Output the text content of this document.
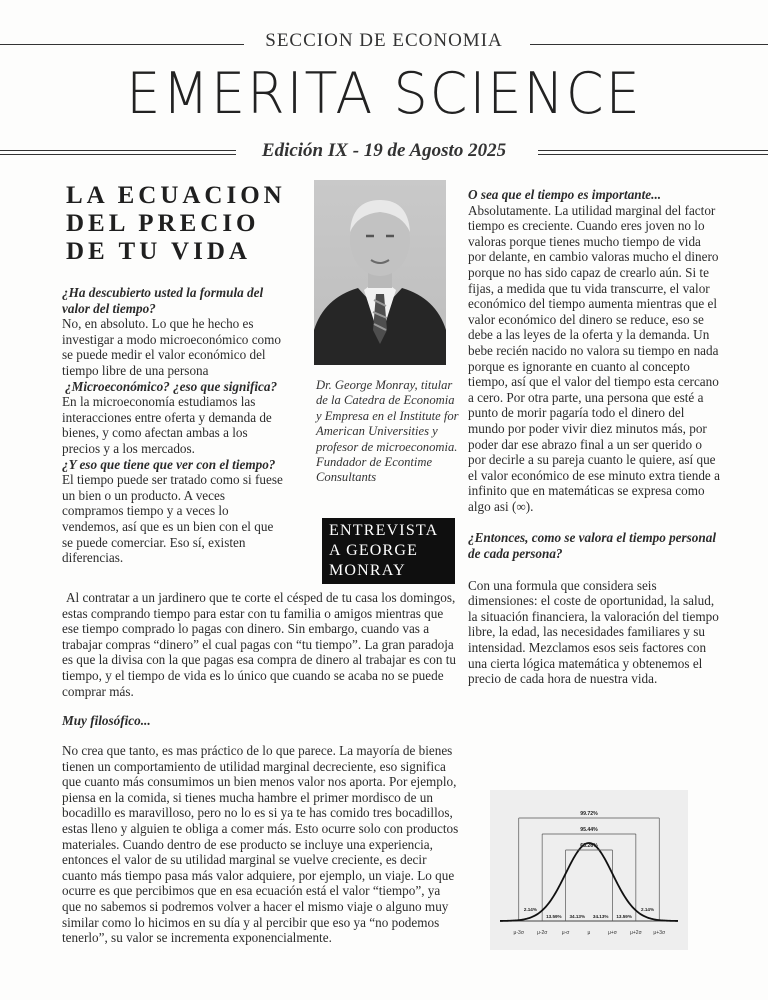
SECCION DE ECONOMIA
EMERITA SCIENCE
Edición IX - 19 de Agosto 2025
LA ECUACION
DEL PRECIO
DE TU VIDA
¿Ha descubierto usted la formula del valor del tiempo?
No, en absoluto. Lo que he hecho es investigar a modo microeconómico como se puede medir el valor económico del tiempo libre de una persona
¿Microeconómico? ¿eso que significa?
En la microeconomía estudiamos las interacciones entre oferta y demanda de bienes, y como afectan ambas a los precios y a los mercados.
¿Y eso que tiene que ver con el tiempo?
El tiempo puede ser tratado como si fuese un bien o un producto. A veces compramos tiempo y a veces lo vendemos, así que es un bien con el que se puede comerciar. Eso sí, existen diferencias.
Dr. George Monray, titular de la Catedra de Economia y Empresa en el Institute for American Universities y profesor de microeconomia. Fundador de Econtime Consultants
ENTREVISTA
A GEORGE
MONRAY
Al contratar a un jardinero que te corte el césped de tu casa los domingos, estas comprando tiempo para estar con tu familia o amigos mientras que ese tiempo comprado lo pagas con dinero. Sin embargo, cuando vas a trabajar compras “dinero” el cual pagas con “tu tiempo”. La gran paradoja es que la divisa con la que pagas esa compra de dinero al trabajar es con tu tiempo, y el tiempo de vida es lo único que cuando se acaba no se puede comprar más.
Muy filosófico...
No crea que tanto, es mas práctico de lo que parece. La mayoría de bienes tienen un comportamiento de utilidad marginal decreciente, eso significa que cuanto más consumimos un bien menos valor nos aporta. Por ejemplo, piensa en la comida, si tienes mucha hambre el primer mordisco de un bocadillo es maravilloso, pero no lo es si ya te has comido tres bocadillos, estas lleno y alguien te obliga a comer más. Esto ocurre solo con productos materiales. Cuando dentro de ese producto se incluye una experiencia, entonces el valor de su utilidad marginal se vuelve creciente, es decir cuanto más tiempo pasa más valor adquiere, por ejemplo, un viaje. Lo que ocurre es que percibimos que en esa ecuación está el valor “tiempo”, ya que no sabemos si podremos volver a hacer el mismo viaje o alguno muy similar como lo hicimos en su día y al percibir que eso ya “no podemos tenerlo”, su valor se incrementa exponencialmente.
O sea que el tiempo es importante...
Absolutamente. La utilidad marginal del factor tiempo es creciente. Cuando eres joven no lo valoras porque tienes mucho tiempo de vida por delante, en cambio valoras mucho el dinero porque no has sido capaz de crearlo aún. Si te fijas, a medida que tu vida transcurre, el valor económico del tiempo aumenta mientras que el valor económico del dinero se reduce, eso se debe a las leyes de la oferta y la demanda. Un bebe recién nacido no valora su tiempo en nada porque es ignorante en cuanto al concepto tiempo, así que el valor del tiempo esta cercano a cero. Por otra parte, una persona que esté a punto de morir pagaría todo el dinero del mundo por poder vivir diez minutos más, por poder dar ese abrazo final a un ser querido o por decirle a su pareja cuanto le quiere, así que el valor económico de ese minuto extra tiende a infinito que en matemáticas se expresa como algo asi (∞).
¿Entonces, como se valora el tiempo personal de cada persona?
Con una formula que considera seis dimensiones: el coste de oportunidad, la salud, la situación financiera, la valoración del tiempo libre, la edad, las necesidades familiares y su intensidad. Mezclamos esos seis factores con una cierta lógica matemática y obtenemos el precio de cada hora de nuestra vida.
99.72%
95.44%
68.26%
2.14%
13.59% 34.13% 34.13% 13.59%
2.14%
μ-3σ	μ-2σ	μ-σ	μ	μ+σ	μ+2σ μ+3σ
